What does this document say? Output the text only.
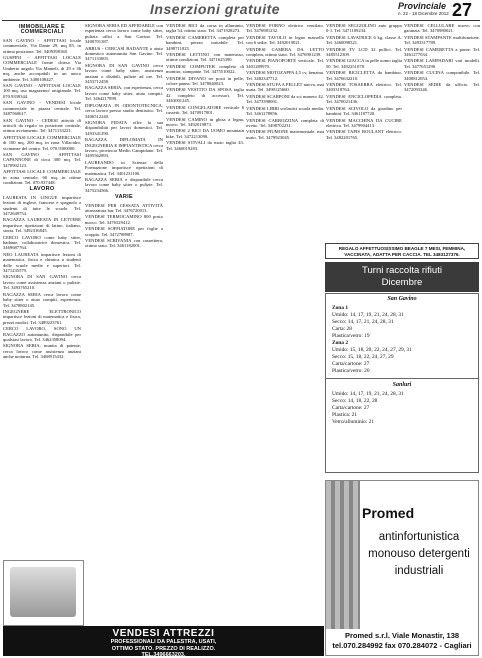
Inserzioni gratuite	Provinciale
n. 22 - 18 Dicembre 2012 27
IMMOBILIARE E COMMERCIALI

SAN GAVINO - AFFITTASI locale commerciale, Via Dante 29, mq 85, in ottima posizione. Tel. 3409398168.

GUSPINI - AFFITTASI LOCALE COMMERCIALE fronte chiesa Via Umberto angolo Via Mameli, di 29 e 36 mq, anche accorpabili in un unico ambiente. Tel. 3480108427.

SAN GAVINO - AFFITTASI LOCALE 100 mq, uso magazzino/ artigianale. Tel. 070.9339344.

SAN GAVINO - VENDESI locale commerciale in piazza centrale. Tel. 3487560617.

SAN GAVINO - CEDESI attività di articoli da regalo in posizione centrale, ottimo avviamento. Tel. 3471133221.

AFFITTASI LOCALE COMMERCIALE di 100 mq, 200 mq, in zona Villacidro, vicinanze del centro. Tel. 070.9300000.

SAN GAVINO - AFFITTASI CAPANNONE di circa 300 mq. Tel. 3470902123.

AFFITTASI LOCALE COMMERCIALE in zona centrale, 60 mq, in ottime condizioni. Tel. 070.937448.

LAVORO

LAUREATA IN LINGUE impartisce lezioni di inglese, francese e spagnolo a studenti di tutte le scuole. Tel. 3472649754.

RAGAZZA LAUREATA IN LETTERE impartisce ripetizioni di latino, italiano, storia. Tel. 3492316845.

CERCO LAVORO come baby sitter, badante, collaboratrice domestica. Tel. 3469687764.

NEO LAUREATA impartisce lezioni di matematica, fisica e chimica a studenti delle scuole medie e superiori. Tel. 3471235579.

SIGNORA DI SAN GAVINO cerca lavoro come assistenza anziani o pulizie. Tel. 3493765210.

RAGAZZA SERIA cerca lavoro come baby sitter o aiuto compiti, esperienza. Tel. 3478802145.

INGEGNERE ELETTRONICO impartisce lezioni di matematica e fisica, prezzi modici. Tel. 3489223761.

CERCO LAVORO, SONO UN RAGAZZO automunito, disponibile per qualsiasi lavoro. Tel. 3462358094.

SIGNORA SERIA, munita di patente, cerca lavoro come assistenza anziani anche notturna. Tel. 3468915432.

SIGNORA SERIA ED AFFIDABILE con esperienza cerca lavoro come baby sitter, pulizia uffici a San Gavino. Tel. 3400701387.

ABBUS - CERCASI BADANTE o aiuto domestico automunita San Gavino. Tel. 3471133003.

SIGNORA DI SAN GAVINO cerca lavoro come baby sitter, assistenza anziani o disabili, pulizie ad ore. Tel. 3453712458.

RAGAZZA SERIA, con esperienza, cerca lavoro come baby sitter, aiuto compiti. Tel. 3464217899.

DIPLOMATA IN ODONTOTECNICA, cerca lavoro presso studio dentistico. Tel. 3406512240.

SIGNORA FIDATA offre la sua disponibilità per lavori domestici. Tel. 3493341290.

RAGAZZA DIPLOMATA IN INGEGNERIA E IMPIANTISTICA cerca lavoro, provincia Medio Campidano. Tel. 3495562893.

LAUREANDO in Scienze della Formazione impartisce ripetizioni di matematica. Tel. 3401231100.

RAGAZZA SERIA e disponibile cerca lavoro come baby sitter o pulizie. Tel. 3475234566.

VARIE

VENDESI PER CESSATA ATTIVITÀ attrezzatura bar. Tel. 3476720013.

VENDESI TERMOCAMINO 800 posto nuovo. Tel. 3476529412.

VENDESI SOFFIATORE per foglie a scoppio. Tel. 3472788987.

VENDESI SCRIVANIA con cassettiera, ottimo stato. Tel. 3461182001.

VENDESI BICI da corsa in alluminio, taglia 54, ottimo stato. Tel. 3471928273.

VENDESI CAMERETTA completa per bambini, prezzo trattabile. Tel. 3498711025.

VENDESI LETTINO con materasso, ottime condizioni. Tel. 3471625390.

VENDESI COMPUTER completo di monitor, stampante. Tel. 3475510022.

VENDESI DIVANO tre posti in pelle, colore panna. Tel. 3478840023.

VENDESI VESTITO DA SPOSA taglia 42 completo di accessori. Tel. 3463001245.

VENDESI CONGELATORE verticale 6 cassetti. Tel. 3470917001.

VENDESI CAMINO in ghisa a legna, nuovo. Tel. 3492019873.

VENDESI 2 BICI DA UOMO mountain bike. Tel. 3472213090.

VENDESI STIVALI da moto taglia 43. Tel. 3460019283.

VENDESI FORNO elettrico ventilato. Tel. 3476981232.

VENDESI TAVOLO in legno massello con 6 sedie. Tel. 3492019021.

VENDESI CAMERA DA LETTO completa, ottimo stato. Tel. 3476901239.

VENDESI PIANOFORTE verticale. Tel. 3401289970.

VENDESI MOTOZAPPA 4,5 cv, benzina. Tel. 3482347712.

VENDESI STUFA A PELLET nuova, mai usata. Tel. 3490125660.

VENDESI SCARPONI da sci numero 42. Tel. 3473398001.

VENDESI LIBRI scolastici scuola media. Tel. 3461278856.

VENDESI CARROZZINA completa di ovetto. Tel. 3498702231.

VENDESI PIUMONE matrimoniale, mai usato. Tel. 3479923045.

VENDESI SEGGIOLINO auto gruppo 0-1. Tel. 3471109234.

VENDESI LAVATRICE 6 kg, classe A. Tel. 3460098521.

VENDESI TV LCD 32 pollici. Tel. 3485512309.

VENDESI GIACCA in pelle uomo taglia 50. Tel. 3492251078.

VENDESI BICICLETTA da bambino. Tel. 3476632210.

VENDESI TOSAERBA elettrico. Tel. 3403318764.

VENDESI ENCICLOPEDIA completa. Tel. 3470021436.

VENDESI SCIVOLO da giardino per bambini. Tel. 3461187720.

VENDESI MACCHINA DA CUCIRE elettrica. Tel. 3479904413.

VENDESI TAPIS ROULANT elettrico. Tel. 3482201765.

VENDESI CELLULARE nuovo con garanzia. Tel. 3470980021.

VENDESI STAMPANTE multifunzione. Tel. 3493317789.

VENDESI CAMERETTA a ponte. Tel. 3461277034.

VENDESI LAMPADARI vari modelli. Tel. 3477651290.

VENDESI CUCINA componibile. Tel. 3408812054.

VENDESI SEDIE da ufficio. Tel. 3472093346.

REGALO AFFETTUOSISSIMO BEAGLE 7 MESI, FEMMINA, VACCINATA, ADATTA PER CACCIA. TEL 3483127376.
Turni raccolta rifiuti
Dicembre
San Gavino
Zona 1
Umido: 14, 17, 19, 21, 24, 28, 31
Secco: 14, 17, 21, 24, 28, 31
Carta: 28
Plastica/vetro: 19
Zona 2
Umido: 15, 18, 20, 22, 24, 27, 29, 31
Secco: 15, 18, 22, 24, 27, 29
Carta/cartone: 27
Plastica/vetro: 20
Sanluri
Umido: 14, 17, 19, 21, 24, 28, 31
Secco: 14, 18, 22, 28
Carta/cartone: 27
Plastica: 21
Vetro/alluminio: 21
Promed
antinfortunistica monouso detergenti industriali
Promed s.r.l. Viale Monastir, 138
tel.070.284992 fax 070.284072 - Cagliari
VENDESI ATTREZZI
PROFESSIONALI DA PALESTRA, USATI,
OTTIMO STATO. PREZZO DI REALIZZO.
TEL.3496663203.
